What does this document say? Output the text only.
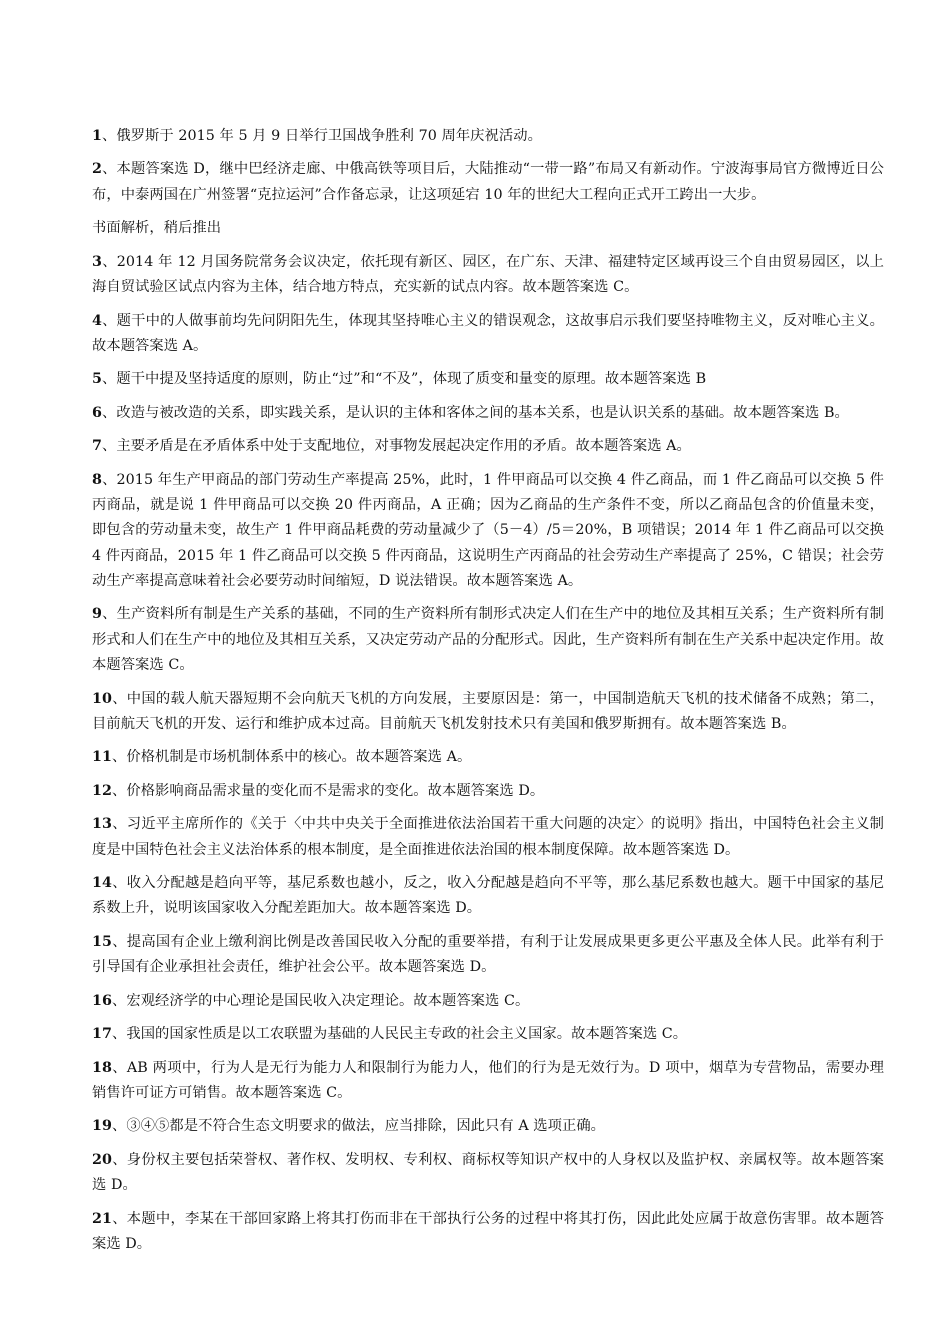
1、俄罗斯于 2015 年 5 月 9 日举行卫国战争胜利 70 周年庆祝活动。

2、本题答案选 D，继中巴经济走廊、中俄高铁等项目后，大陆推动“一带一路”布局又有新动作。宁波海事局官方微博近日公布，中泰两国在广州签署“克拉运河”合作备忘录，让这项延宕 10 年的世纪大工程向正式开工跨出一大步。

书面解析，稍后推出

3、2014 年 12 月国务院常务会议决定，依托现有新区、园区，在广东、天津、福建特定区域再设三个自由贸易园区，以上海自贸试验区试点内容为主体，结合地方特点，充实新的试点内容。故本题答案选 C。

4、题干中的人做事前均先问阴阳先生，体现其坚持唯心主义的错误观念，这故事启示我们要坚持唯物主义，反对唯心主义。故本题答案选 A。

5、题干中提及坚持适度的原则，防止“过”和“不及”，体现了质变和量变的原理。故本题答案选 B

6、改造与被改造的关系，即实践关系，是认识的主体和客体之间的基本关系，也是认识关系的基础。故本题答案选 B。

7、主要矛盾是在矛盾体系中处于支配地位，对事物发展起决定作用的矛盾。故本题答案选 A。

8、2015 年生产甲商品的部门劳动生产率提高 25%，此时，1 件甲商品可以交换 4 件乙商品，而 1 件乙商品可以交换 5 件丙商品，就是说 1 件甲商品可以交换 20 件丙商品，A 正确；因为乙商品的生产条件不变，所以乙商品包含的价值量未变，即包含的劳动量未变，故生产 1 件甲商品耗费的劳动量减少了（5－4）/5＝20%，B 项错误；2014 年 1 件乙商品可以交换 4 件丙商品，2015 年 1 件乙商品可以交换 5 件丙商品，这说明生产丙商品的社会劳动生产率提高了 25%，C 错误；社会劳动生产率提高意味着社会必要劳动时间缩短，D 说法错误。故本题答案选 A。

9、生产资料所有制是生产关系的基础，不同的生产资料所有制形式决定人们在生产中的地位及其相互关系；生产资料所有制形式和人们在生产中的地位及其相互关系，又决定劳动产品的分配形式。因此，生产资料所有制在生产关系中起决定作用。故本题答案选 C。

10、中国的载人航天器短期不会向航天飞机的方向发展，主要原因是：第一，中国制造航天飞机的技术储备不成熟；第二，目前航天飞机的开发、运行和维护成本过高。目前航天飞机发射技术只有美国和俄罗斯拥有。故本题答案选 B。

11、价格机制是市场机制体系中的核心。故本题答案选 A。

12、价格影响商品需求量的变化而不是需求的变化。故本题答案选 D。

13、习近平主席所作的《关于〈中共中央关于全面推进依法治国若干重大问题的决定〉的说明》指出，中国特色社会主义制度是中国特色社会主义法治体系的根本制度，是全面推进依法治国的根本制度保障。故本题答案选 D。

14、收入分配越是趋向平等，基尼系数也越小，反之，收入分配越是趋向不平等，那么基尼系数也越大。题干中国家的基尼系数上升，说明该国家收入分配差距加大。故本题答案选 D。

15、提高国有企业上缴利润比例是改善国民收入分配的重要举措，有利于让发展成果更多更公平惠及全体人民。此举有利于引导国有企业承担社会责任，维护社会公平。故本题答案选 D。

16、宏观经济学的中心理论是国民收入决定理论。故本题答案选 C。

17、我国的国家性质是以工农联盟为基础的人民民主专政的社会主义国家。故本题答案选 C。

18、AB 两项中，行为人是无行为能力人和限制行为能力人，他们的行为是无效行为。D 项中，烟草为专营物品，需要办理销售许可证方可销售。故本题答案选 C。

19、③④⑤都是不符合生态文明要求的做法，应当排除，因此只有 A 选项正确。

20、身份权主要包括荣誉权、著作权、发明权、专利权、商标权等知识产权中的人身权以及监护权、亲属权等。故本题答案选 D。

21、本题中，李某在干部回家路上将其打伤而非在干部执行公务的过程中将其打伤，因此此处应属于故意伤害罪。故本题答案选 D。
